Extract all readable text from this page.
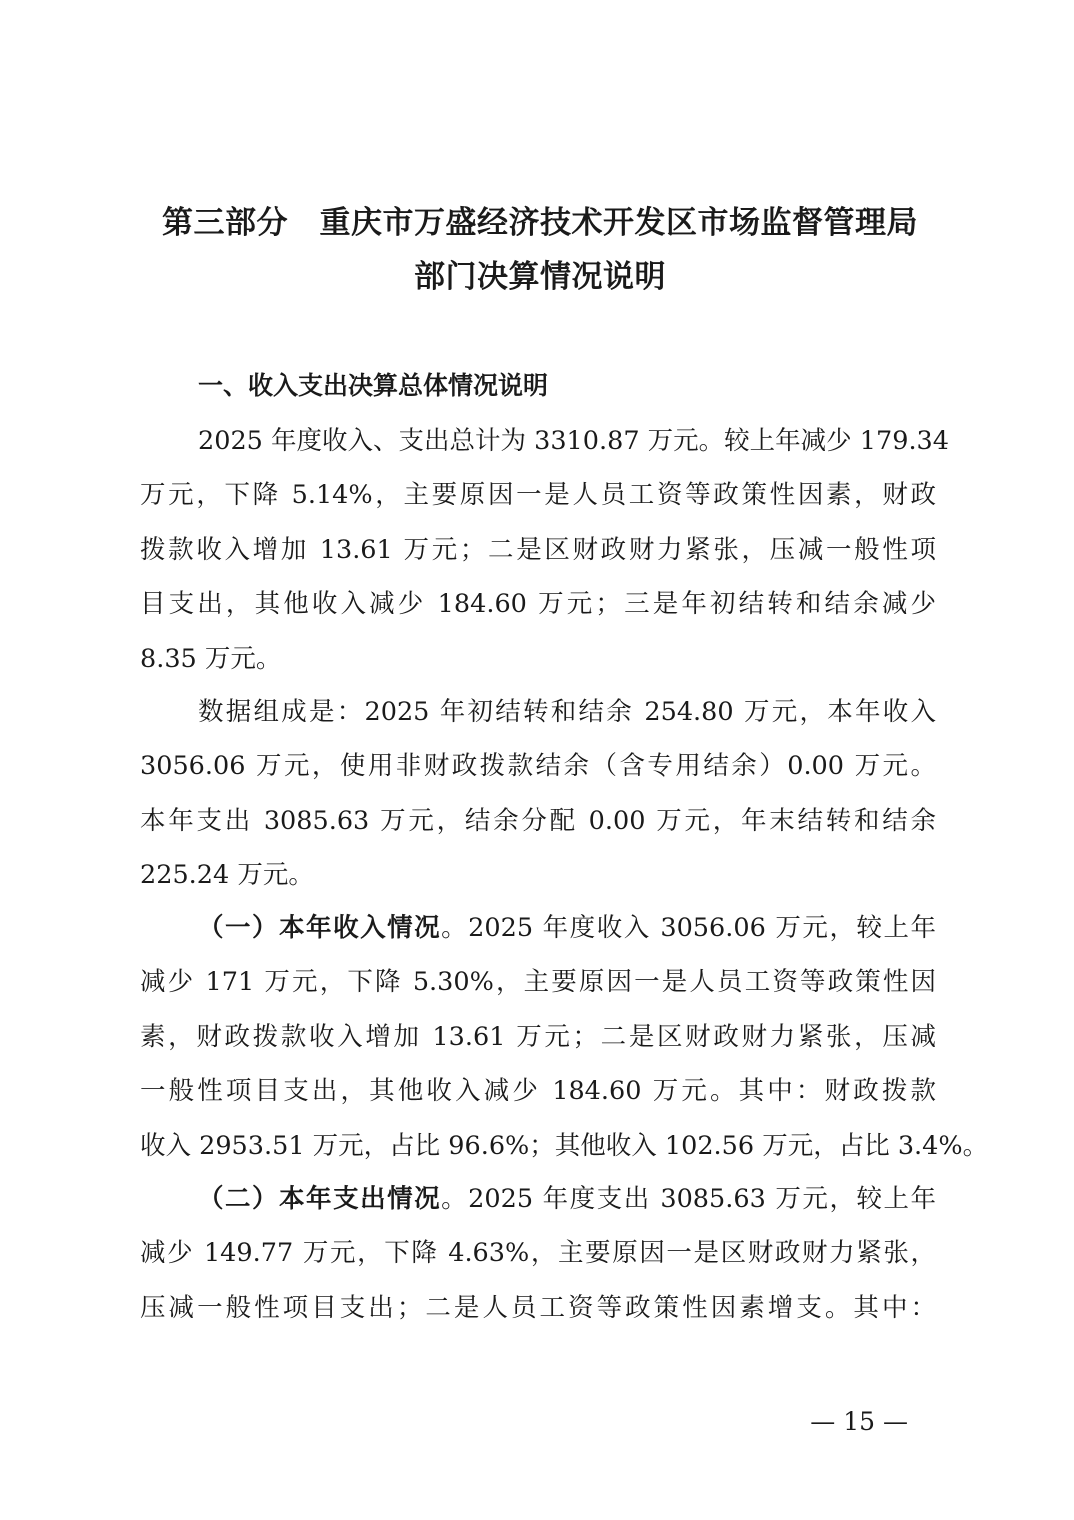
第三部分　重庆市万盛经济技术开发区市场监督管理局
部门决算情况说明
一、收入支出决算总体情况说明
2025 年度收入、支出总计为 3310.87 万元。较上年减少 179.34
万元，下降 5.14%，主要原因一是人员工资等政策性因素，财政
拨款收入增加 13.61 万元；二是区财政财力紧张，压减一般性项
目支出，其他收入减少 184.60 万元；三是年初结转和结余减少
8.35 万元。
数据组成是：2025 年初结转和结余 254.80 万元，本年收入
3056.06 万元，使用非财政拨款结余（含专用结余）0.00 万元。
本年支出 3085.63 万元，结余分配 0.00 万元，年末结转和结余
225.24 万元。
（一）本年收入情况。2025 年度收入 3056.06 万元，较上年
减少 171 万元，下降 5.30%，主要原因一是人员工资等政策性因
素，财政拨款收入增加 13.61 万元；二是区财政财力紧张，压减
一般性项目支出，其他收入减少 184.60 万元。其中：财政拨款
收入 2953.51 万元，占比 96.6%；其他收入 102.56 万元，占比 3.4%。
（二）本年支出情况。2025 年度支出 3085.63 万元，较上年
减少 149.77 万元，下降 4.63%，主要原因一是区财政财力紧张，
压减一般性项目支出；二是人员工资等政策性因素增支。其中：
— 15 —
